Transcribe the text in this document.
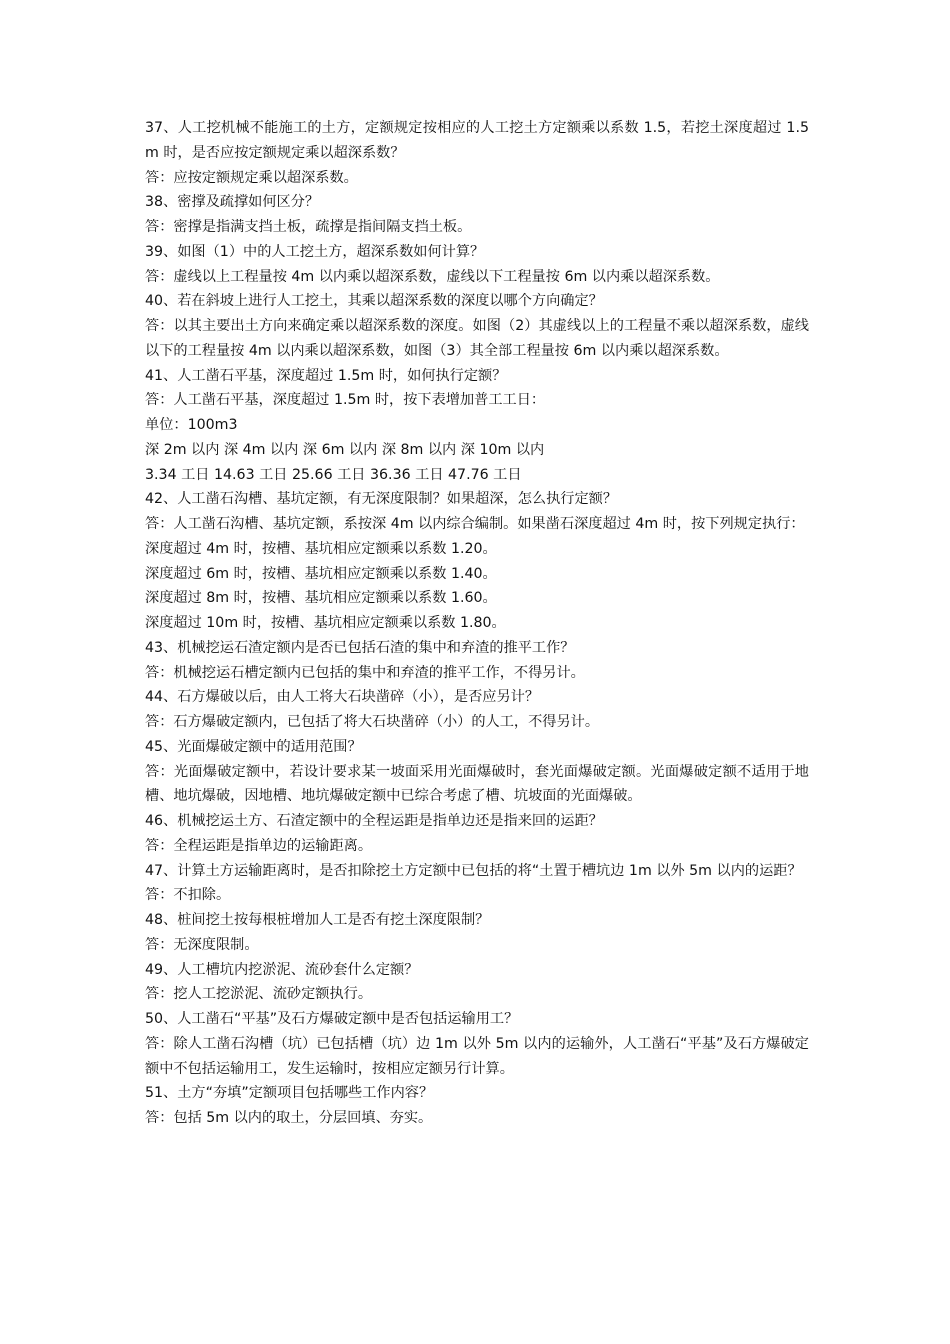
37、人工挖机械不能施工的土方，定额规定按相应的人工挖土方定额乘以系数 1.5，若挖土深度超过 1.5m 时，是否应按定额规定乘以超深系数？

答：应按定额规定乘以超深系数。

38、密撑及疏撑如何区分？

答：密撑是指满支挡土板，疏撑是指间隔支挡土板。

39、如图（1）中的人工挖土方，超深系数如何计算？

答：虚线以上工程量按 4m 以内乘以超深系数，虚线以下工程量按 6m 以内乘以超深系数。

40、若在斜坡上进行人工挖土，其乘以超深系数的深度以哪个方向确定？

答：以其主要出土方向来确定乘以超深系数的深度。如图（2）其虚线以上的工程量不乘以超深系数，虚线以下的工程量按 4m 以内乘以超深系数，如图（3）其全部工程量按 6m 以内乘以超深系数。

41、人工凿石平基，深度超过 1.5m 时，如何执行定额？

答：人工凿石平基，深度超过 1.5m 时，按下表增加普工工日：

单位：100m3

深 2m 以内 深 4m 以内 深 6m 以内 深 8m 以内 深 10m 以内

3.34 工日 14.63 工日 25.66 工日 36.36 工日 47.76 工日

42、人工凿石沟槽、基坑定额，有无深度限制？如果超深，怎么执行定额？

答：人工凿石沟槽、基坑定额，系按深 4m 以内综合编制。如果凿石深度超过 4m 时，按下列规定执行：

深度超过 4m 时，按槽、基坑相应定额乘以系数 1.20。

深度超过 6m 时，按槽、基坑相应定额乘以系数 1.40。

深度超过 8m 时，按槽、基坑相应定额乘以系数 1.60。

深度超过 10m 时，按槽、基坑相应定额乘以系数 1.80。

43、机械挖运石渣定额内是否已包括石渣的集中和弃渣的推平工作？

答：机械挖运石槽定额内已包括的集中和弃渣的推平工作，不得另计。

44、石方爆破以后，由人工将大石块凿碎（小），是否应另计？

答：石方爆破定额内，已包括了将大石块凿碎（小）的人工，不得另计。

45、光面爆破定额中的适用范围？

答：光面爆破定额中，若设计要求某一坡面采用光面爆破时，套光面爆破定额。光面爆破定额不适用于地槽、地坑爆破，因地槽、地坑爆破定额中已综合考虑了槽、坑坡面的光面爆破。

46、机械挖运土方、石渣定额中的全程运距是指单边还是指来回的运距？

答：全程运距是指单边的运输距离。

47、计算土方运输距离时，是否扣除挖土方定额中已包括的将“土置于槽坑边 1m 以外 5m 以内的运距？

答：不扣除。

48、桩间挖土按每根桩增加人工是否有挖土深度限制？

答：无深度限制。

49、人工槽坑内挖淤泥、流砂套什么定额？

答：挖人工挖淤泥、流砂定额执行。

50、人工凿石“平基”及石方爆破定额中是否包括运输用工？

答：除人工凿石沟槽（坑）已包括槽（坑）边 1m 以外 5m 以内的运输外，人工凿石“平基”及石方爆破定额中不包括运输用工，发生运输时，按相应定额另行计算。

51、土方“夯填”定额项目包括哪些工作内容？

答：包括 5m 以内的取土，分层回填、夯实。
